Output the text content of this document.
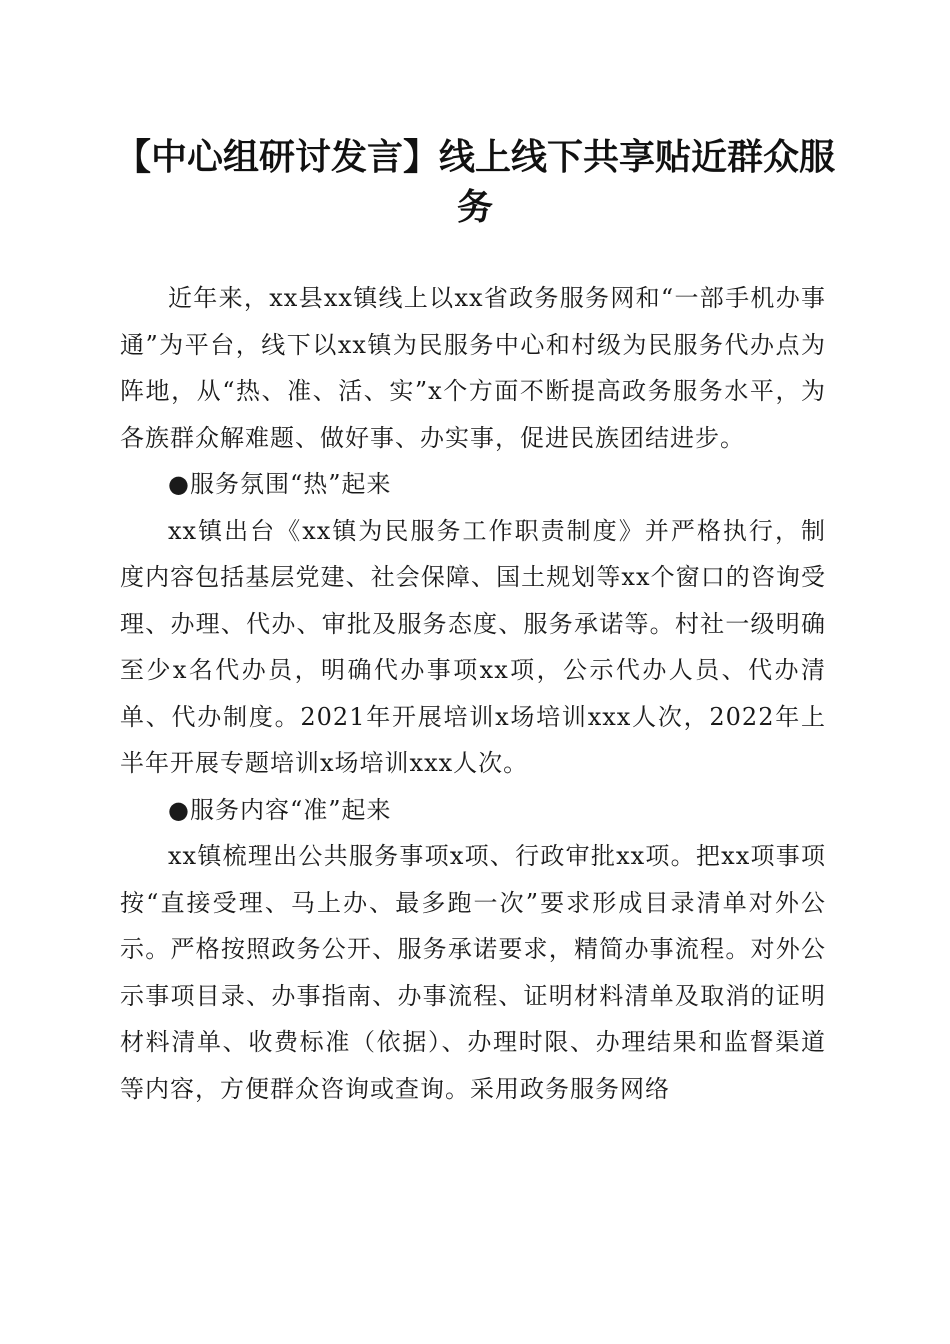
【中心组研讨发言】线上线下共享贴近群众服务

近年来，xx县xx镇线上以xx省政务服务网和“一部手机办事通”为平台，线下以xx镇为民服务中心和村级为民服务代办点为阵地，从“热、准、活、实”x个方面不断提高政务服务水平，为各族群众解难题、做好事、办实事，促进民族团结进步。

●服务氛围“热”起来

xx镇出台《xx镇为民服务工作职责制度》并严格执行，制度内容包括基层党建、社会保障、国土规划等xx个窗口的咨询受理、办理、代办、审批及服务态度、服务承诺等。村社一级明确至少x名代办员，明确代办事项xx项，公示代办人员、代办清单、代办制度。2021年开展培训x场培训xxx人次，2022年上半年开展专题培训x场培训xxx人次。

●服务内容“准”起来

xx镇梳理出公共服务事项x项、行政审批xx项。把xx项事项按“直接受理、马上办、最多跑一次”要求形成目录清单对外公示。严格按照政务公开、服务承诺要求，精简办事流程。对外公示事项目录、办事指南、办事流程、证明材料清单及取消的证明材料清单、收费标准（依据）、办理时限、办理结果和监督渠道等内容，方便群众咨询或查询。采用政务服务网络
